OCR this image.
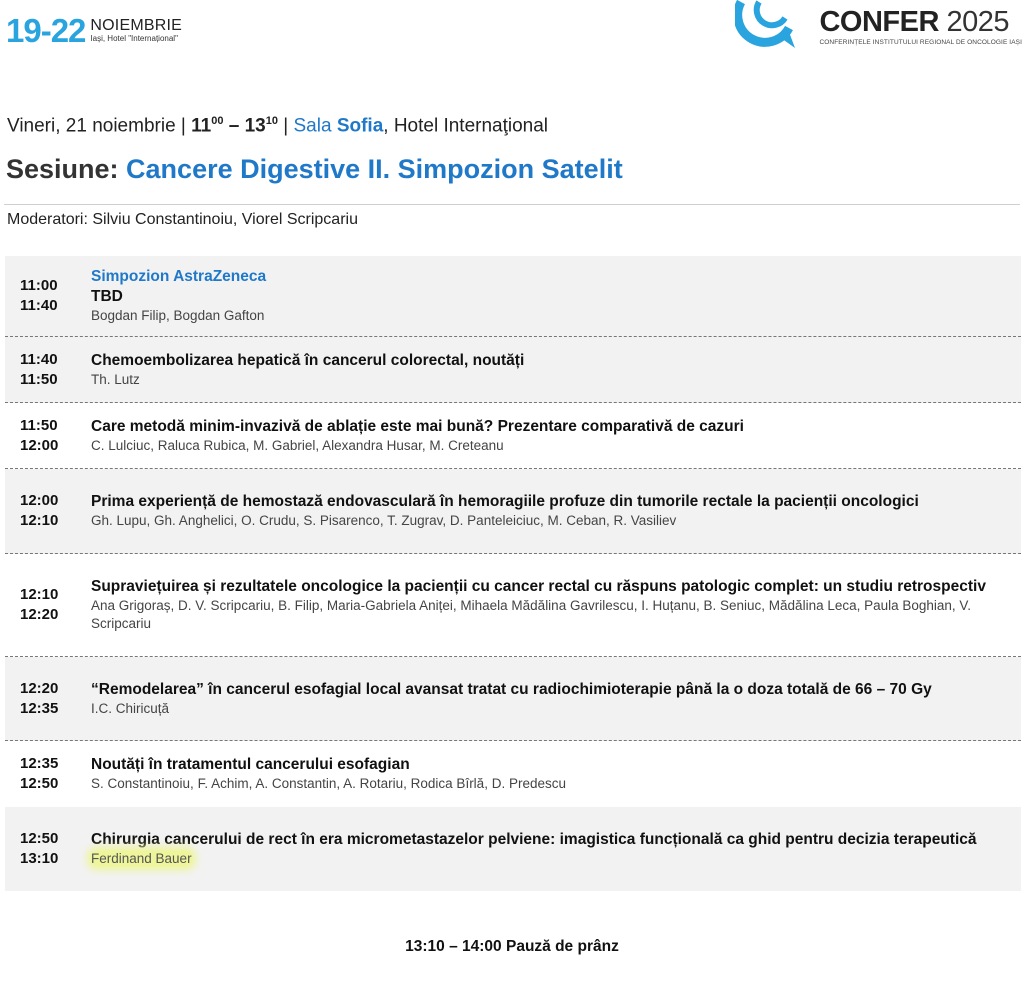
19-22 NOIEMBRIE
Iași, Hotel "Internațional"	CONFER 2025
CONFERINȚELE INSTITUTULUI REGIONAL DE ONCOLOGIE IAȘI
Vineri, 21 noiembrie | $11^{00} - 13^{10}$ | Sala Sofia, Hotel Internaţional
Sesiune: Cancere Digestive II. Simpozion Satelit
Moderatori: Silviu Constantinoiu, Viorel Scripcariu
11:00
11:40
Simpozion AstraZeneca
TBD
Bogdan Filip, Bogdan Gafton
11:40
11:50
Chemoembolizarea hepatică în cancerul colorectal, noutăți
Th. Lutz
11:50
12:00
Care metodă minim-invazivă de ablație este mai bună? Prezentare comparativă de cazuri
C. Lulciuc, Raluca Rubica, M. Gabriel, Alexandra Husar, M. Creteanu
12:00
12:10
Prima experiență de hemostază endovasculară în hemoragiile profuze din tumorile rectale la pacienții oncologici
Gh. Lupu, Gh. Anghelici, O. Crudu, S. Pisarenco, T. Zugrav, D. Panteleiciuc, M. Ceban, R. Vasiliev
12:10
12:20
Supraviețuirea și rezultatele oncologice la pacienții cu cancer rectal cu răspuns patologic complet: un studiu retrospectiv
Ana Grigoraș, D. V. Scripcariu, B. Filip, Maria-Gabriela Aniței, Mihaela Mădălina Gavrilescu, I. Huțanu, B. Seniuc, Mădălina Leca, Paula Boghian, V. Scripcariu
12:20
12:35
“Remodelarea” în cancerul esofagial local avansat tratat cu radiochimioterapie până la o doza totală de 66 – 70 Gy
I.C. Chiricuță
12:35
12:50
Noutăți în tratamentul cancerului esofagian
S. Constantinoiu, F. Achim, A. Constantin, A. Rotariu, Rodica Bîrlă, D. Predescu
12:50
13:10
Chirurgia cancerului de rect în era micrometastazelor pelviene: imagistica funcțională ca ghid pentru decizia terapeutică
Ferdinand Bauer
13:10 – 14:00 Pauză de prânz
